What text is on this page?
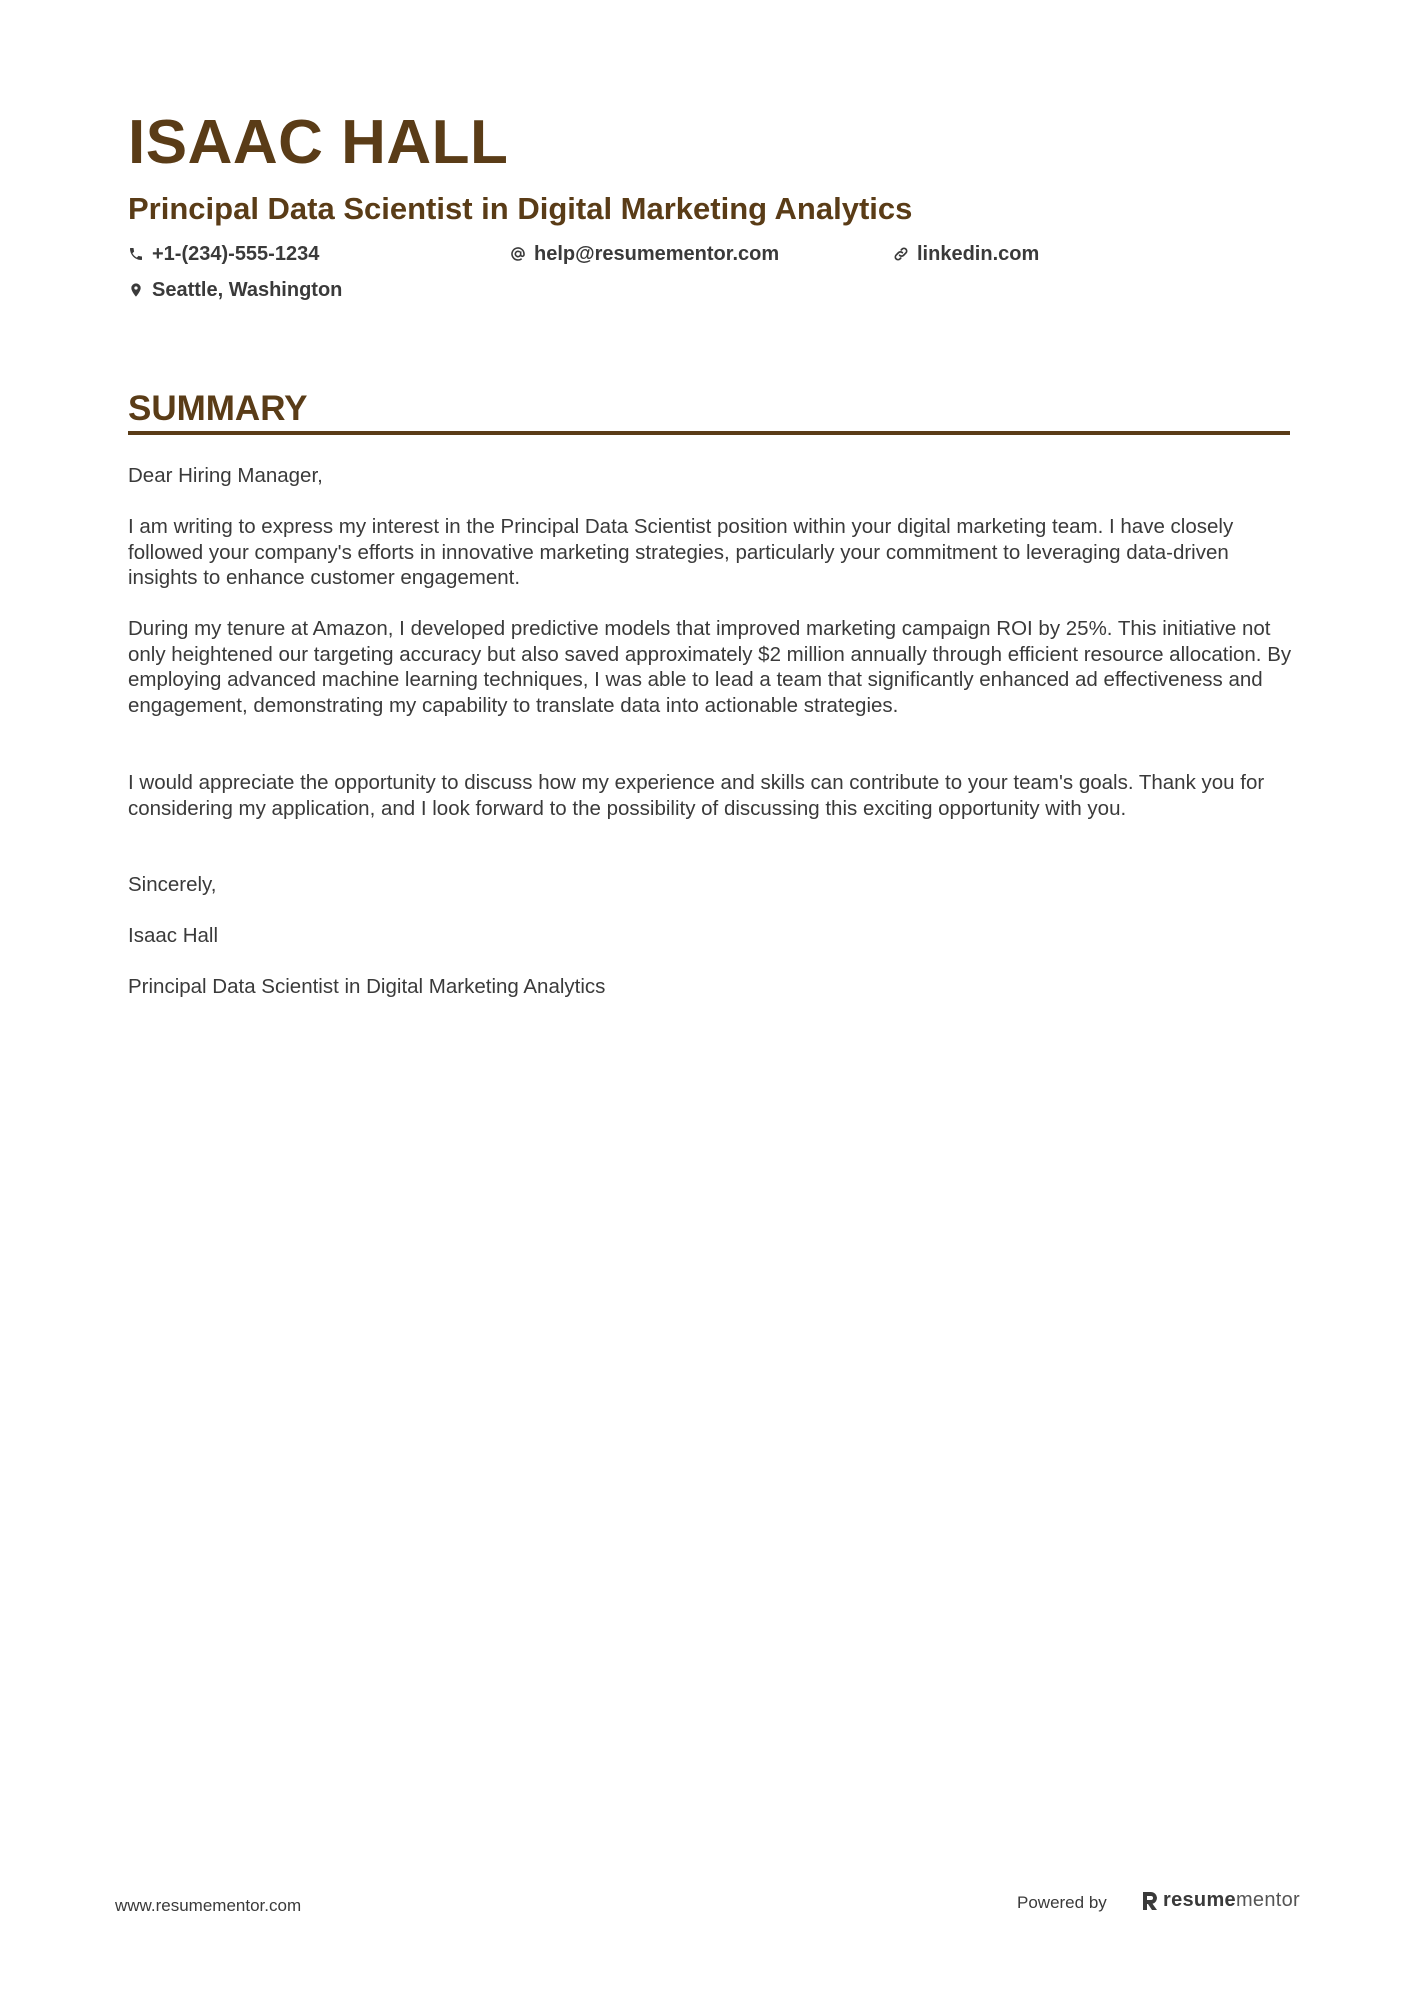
ISAAC HALL
Principal Data Scientist in Digital Marketing Analytics
+1-(234)-555-1234	help@resumementor.com	linkedin.com
Seattle, Washington
SUMMARY
Dear Hiring Manager,
I am writing to express my interest in the Principal Data Scientist position within your digital marketing team. I have closely followed your company's efforts in innovative marketing strategies, particularly your commitment to leveraging data-driven insights to enhance customer engagement.
During my tenure at Amazon, I developed predictive models that improved marketing campaign ROI by 25%. This initiative not only heightened our targeting accuracy but also saved approximately $2 million annually through efficient resource allocation. By employing advanced machine learning techniques, I was able to lead a team that significantly enhanced ad effectiveness and engagement, demonstrating my capability to translate data into actionable strategies.
I would appreciate the opportunity to discuss how my experience and skills can contribute to your team's goals. Thank you for considering my application, and I look forward to the possibility of discussing this exciting opportunity with you.
Sincerely,
Isaac Hall
Principal Data Scientist in Digital Marketing Analytics
www.resumementor.com	Powered by	resume mentor
